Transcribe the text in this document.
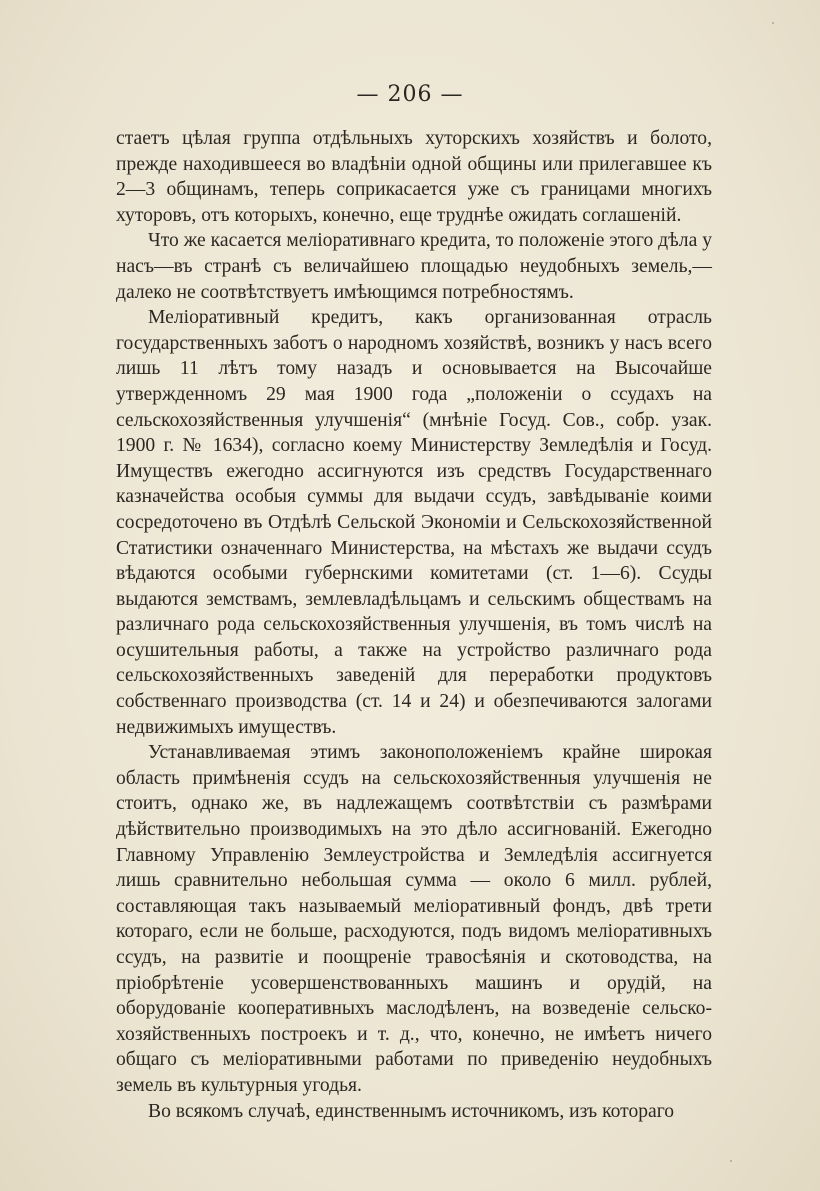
— 206 —

стаетъ цѣлая группа отдѣльныхъ хуторскихъ хозяйствъ и болото, прежде находившееся во владѣніи одной общины или прилегавшее къ 2—3 общинамъ, теперь соприкасается уже съ границами многихъ хуторовъ, отъ которыхъ, конечно, еще труднѣе ожидать соглашеній.

Что же касается меліоративнаго кредита, то положеніе этого дѣла у насъ—въ странѣ съ величайшею площадью неудобныхъ земель,—далеко не соотвѣтствуетъ имѣющимся потребностямъ.

Меліоративный кредитъ, какъ организованная отрасль государственныхъ заботъ о народномъ хозяйствѣ, возникъ у насъ всего лишь 11 лѣтъ тому назадъ и основывается на Высочайше утвержденномъ 29 мая 1900 года „положеніи о ссудахъ на сельскохозяйственныя улучшенія“ (мнѣніе Госуд. Сов., собр. узак. 1900 г. № 1634), согласно коему Министерству Земледѣлія и Госуд. Имуществъ ежегодно ассигнуются изъ средствъ Государственнаго казначейства особыя суммы для выдачи ссудъ, завѣдываніе коими сосредоточено въ Отдѣлѣ Сельской Экономіи и Сельскохозяйственной Статистики означеннаго Министерства, на мѣстахъ же выдачи ссудъ вѣдаются особыми губернскими комитетами (ст. 1—6). Ссуды выдаются земствамъ, землевладѣльцамъ и сельскимъ обществамъ на различнаго рода сельскохозяйственныя улучшенія, въ томъ числѣ на осушительныя работы, а также на устройство различнаго рода сельскохозяйственныхъ заведеній для переработки продуктовъ собственнаго производства (ст. 14 и 24) и обезпечиваются залогами недвижимыхъ имуществъ.

Устанавливаемая этимъ законоположеніемъ крайне широкая область примѣненія ссудъ на сельскохозяйственныя улучшенія не стоитъ, однако же, въ надлежащемъ соотвѣтствіи съ размѣрами дѣйствительно производимыхъ на это дѣло ассигнованій. Ежегодно Главному Управленію Землеустройства и Земледѣлія ассигнуется лишь сравнительно небольшая сумма — около 6 милл. рублей, составляющая такъ называемый меліоративный фондъ, двѣ трети котораго, если не больше, расходуются, подъ видомъ меліоративныхъ ссудъ, на развитіе и поощреніе травосѣянія и скотоводства, на пріобрѣтеніе усовершенствованныхъ машинъ и орудій, на оборудованіе кооперативныхъ маслодѣленъ, на возведеніе сельско-хозяйственныхъ построекъ и т. д., что, конечно, не имѣетъ ничего общаго съ меліоративными работами по приведенію неудобныхъ земель въ культурныя угодья.

Во всякомъ случаѣ, единственнымъ источникомъ, изъ котораго
